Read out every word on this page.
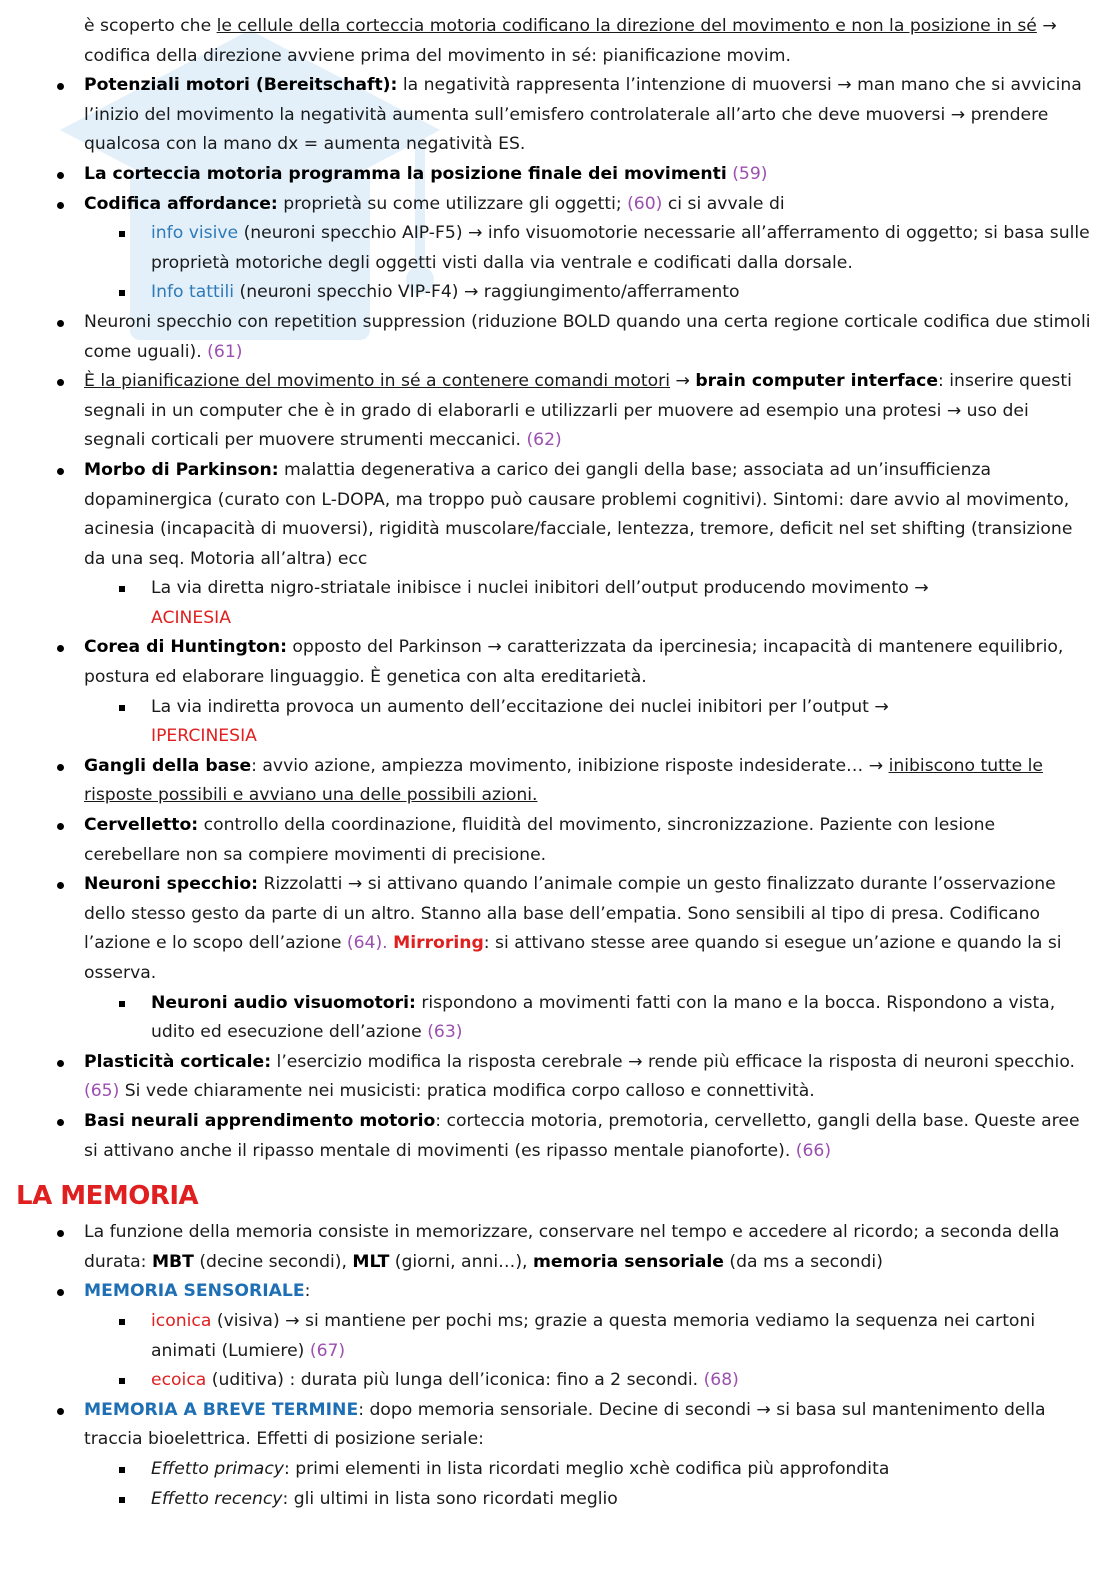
è scoperto che le cellule della corteccia motoria codificano la direzione del movimento e non la posizione in sé → codifica della direzione avviene prima del movimento in sé: pianificazione movim.
Potenziali motori (Bereitschaft): la negatività rappresenta l’intenzione di muoversi → man mano che si avvicina l’inizio del movimento la negatività aumenta sull’emisfero controlaterale all’arto che deve muoversi → prendere qualcosa con la mano dx = aumenta negatività ES.
La corteccia motoria programma la posizione finale dei movimenti (59)
Codifica affordance: proprietà su come utilizzare gli oggetti; (60) ci si avvale di
info visive (neuroni specchio AIP-F5) → info visuomotorie necessarie all’afferramento di oggetto; si basa sulle proprietà motoriche degli oggetti visti dalla via ventrale e codificati dalla dorsale.
Info tattili (neuroni specchio VIP-F4) → raggiungimento/afferramento
Neuroni specchio con repetition suppression (riduzione BOLD quando una certa regione corticale codifica due stimoli come uguali). (61)
È la pianificazione del movimento in sé a contenere comandi motori → brain computer interface: inserire questi segnali in un computer che è in grado di elaborarli e utilizzarli per muovere ad esempio una protesi → uso dei segnali corticali per muovere strumenti meccanici. (62)
Morbo di Parkinson: malattia degenerativa a carico dei gangli della base; associata ad un’insufficienza dopaminergica (curato con L-DOPA, ma troppo può causare problemi cognitivi). Sintomi: dare avvio al movimento, acinesia (incapacità di muoversi), rigidità muscolare/facciale, lentezza, tremore, deficit nel set shifting (transizione da una seq. Motoria all’altra) ecc
La via diretta nigro-striatale inibisce i nuclei inibitori dell’output producendo movimento →
ACINESIA
Corea di Huntington: opposto del Parkinson → caratterizzata da ipercinesia; incapacità di mantenere equilibrio, postura ed elaborare linguaggio. È genetica con alta ereditarietà.
La via indiretta provoca un aumento dell’eccitazione dei nuclei inibitori per l’output →
IPERCINESIA
Gangli della base: avvio azione, ampiezza movimento, inibizione risposte indesiderate… → inibiscono tutte le risposte possibili e avviano una delle possibili azioni.
Cervelletto: controllo della coordinazione, fluidità del movimento, sincronizzazione. Paziente con lesione cerebellare non sa compiere movimenti di precisione.
Neuroni specchio: Rizzolatti → si attivano quando l’animale compie un gesto finalizzato durante l’osservazione dello stesso gesto da parte di un altro. Stanno alla base dell’empatia. Sono sensibili al tipo di presa. Codificano l’azione e lo scopo dell’azione (64). Mirroring: si attivano stesse aree quando si esegue un’azione e quando la si osserva.
Neuroni audio visuomotori: rispondono a movimenti fatti con la mano e la bocca. Rispondono a vista, udito ed esecuzione dell’azione (63)
Plasticità corticale: l’esercizio modifica la risposta cerebrale → rende più efficace la risposta di neuroni specchio. (65) Si vede chiaramente nei musicisti: pratica modifica corpo calloso e connettività.
Basi neurali apprendimento motorio: corteccia motoria, premotoria, cervelletto, gangli della base. Queste aree si attivano anche il ripasso mentale di movimenti (es ripasso mentale pianoforte). (66)
LA MEMORIA
La funzione della memoria consiste in memorizzare, conservare nel tempo e accedere al ricordo; a seconda della durata: MBT (decine secondi), MLT (giorni, anni…), memoria sensoriale (da ms a secondi)
MEMORIA SENSORIALE:
iconica (visiva) → si mantiene per pochi ms; grazie a questa memoria vediamo la sequenza nei cartoni animati (Lumiere) (67)
ecoica (uditiva) : durata più lunga dell’iconica: fino a 2 secondi. (68)
MEMORIA A BREVE TERMINE: dopo memoria sensoriale. Decine di secondi → si basa sul mantenimento della traccia bioelettrica. Effetti di posizione seriale:
Effetto primacy: primi elementi in lista ricordati meglio xchè codifica più approfondita
Effetto recency: gli ultimi in lista sono ricordati meglio
